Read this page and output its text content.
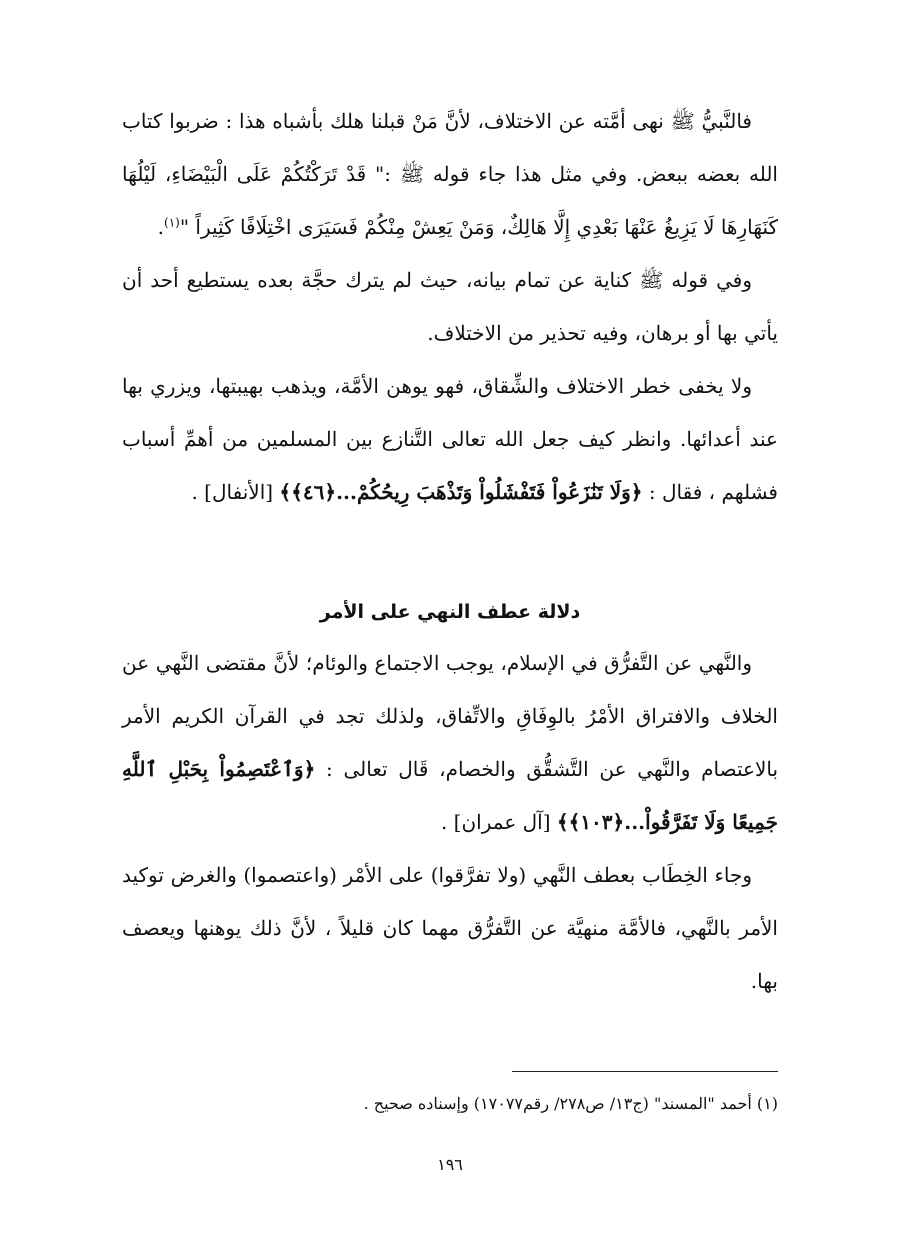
فالنَّبيُّ ﷺ نهى أمَّته عن الاختلاف، لأنَّ مَنْ قبلنا هلك بأشباه هذا : ضربوا كتاب الله بعضه ببعض. وفي مثل هذا جاء قوله ﷺ :" قَدْ تَرَكْتُكُمْ عَلَى الْبَيْضَاءِ، لَيْلُهَا كَنَهَارِهَا لَا يَزِيغُ عَنْهَا بَعْدِي إِلَّا هَالِكٌ، وَمَنْ يَعِشْ مِنْكُمْ فَسَيَرَى اخْتِلَافًا كَثِيراً "$^{(١)}$.

وفي قوله ﷺ كناية عن تمام بيانه، حيث لم يترك حجَّة بعده يستطيع أحد أن يأتي بها أو برهان، وفيه تحذير من الاختلاف.

ولا يخفى خطر الاختلاف والشِّقاق، فهو يوهن الأمَّة، ويذهب بهيبتها، ويزري بها عند أعدائها. وانظر كيف جعل الله تعالى التَّنازع بين المسلمين من أهمِّ أسباب فشلهم ، فقال : ﴿وَلَا تَنَٰزَعُواْ فَتَفْشَلُواْ وَتَذْهَبَ رِيحُكُمْ...﴿٤٦﴾﴾ [الأنفال] .

دلالة عطف النهي على الأمر

والنَّهي عن التَّفرُّق في الإسلام، يوجب الاجتماع والوئام؛ لأنَّ مقتضى النَّهي عن الخلاف والافتراق الأمْرُ بالوِفَاقِ والاتِّفاق، ولذلك تجد في القرآن الكريم الأمر بالاعتصام والنَّهي عن التَّشقُّق والخصام، قَال تعالى : ﴿وَٱعْتَصِمُواْ بِحَبْلِ ٱللَّهِ جَمِيعًا وَلَا تَفَرَّقُواْ...﴿١٠٣﴾﴾ [آل عمران] .

وجاء الخِطَاب بعطف النَّهي (ولا تفرَّقوا) على الأمْر (واعتصموا) والغرض توكيد الأمر بالنَّهي، فالأمَّة منهيَّة عن التَّفرُّق مهما كان قليلاً ، لأنَّ ذلك يوهنها ويعصف بها.

(١) أحمد "المسند" (ج١٣/ ص٢٧٨/ رقم١٧٠٧٧) وإسناده صحيح .
١٩٦
